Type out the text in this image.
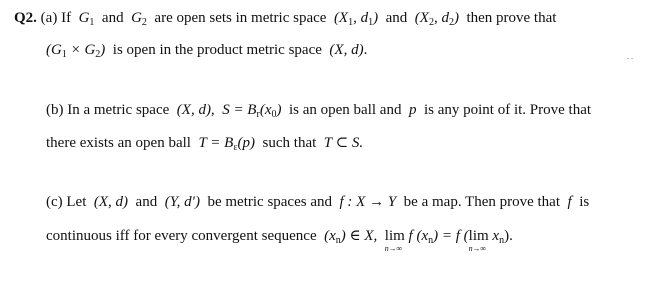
Q2. (a) If $G_1$ and $G_2$ are open sets in metric space ($X_1$, $d_1$) and ($X_2$, $d_2$) then prove that
$(G_1 \times G_2)$ is open in the product metric space (X, d).
(b) In a metric space (X, d), $S = B_r(x_0)$ is an open ball and p is any point of it. Prove that
there exists an open ball $T = B_\varepsilon(p)$ such that T ⊂ S.
(c) Let (X, d) and (Y, d′) be metric spaces and f : X → Y be a map. Then prove that f is
continuous iff for every convergent sequence $(x_n)$ ∈ X, lim
n→∞
f $(x_n) = f$ (lim
n→∞
$x_n$).
